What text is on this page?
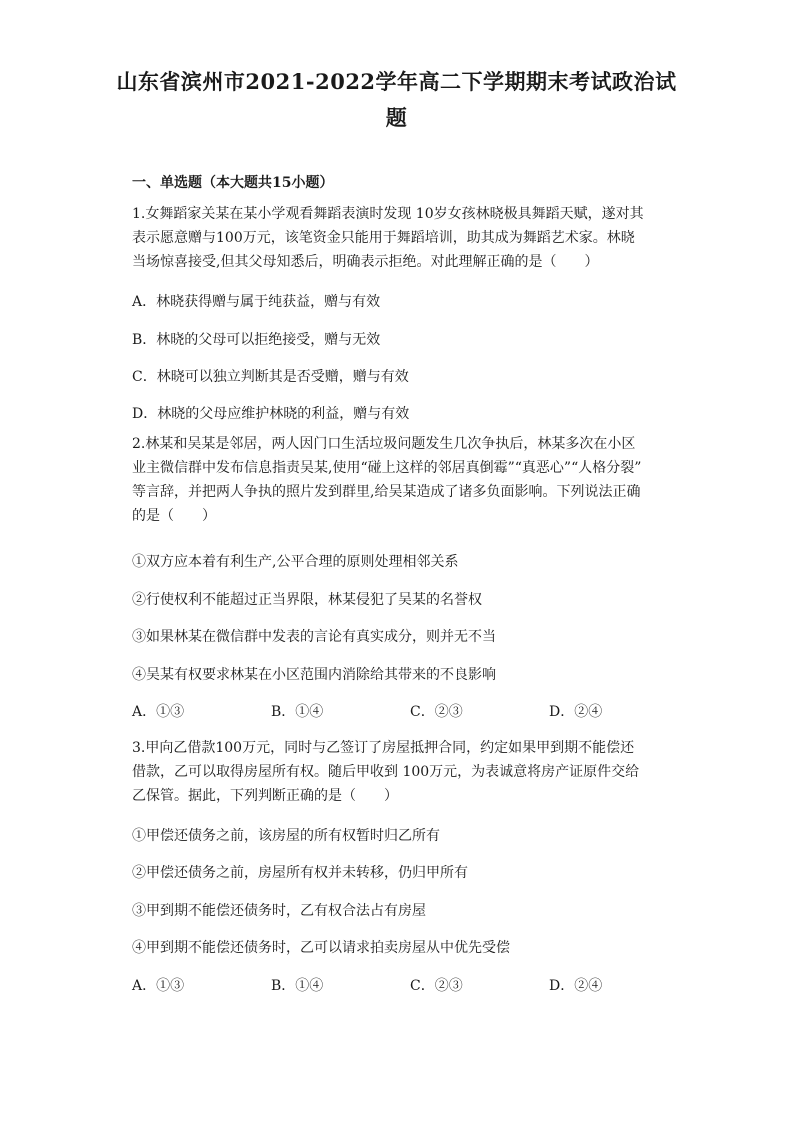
山东省滨州市2021-2022学年高二下学期期末考试政治试
题
一、单选题（本大题共15小题）
1.女舞蹈家关某在某小学观看舞蹈表演时发现 10岁女孩林晓极具舞蹈天赋，遂对其
表示愿意赠与100万元，该笔资金只能用于舞蹈培训，助其成为舞蹈艺术家。林晓
当场惊喜接受,但其父母知悉后，明确表示拒绝。对此理解正确的是（　　）
A．林晓获得赠与属于纯获益，赠与有效
B．林晓的父母可以拒绝接受，赠与无效
C．林晓可以独立判断其是否受赠，赠与有效
D．林晓的父母应维护林晓的利益，赠与有效
2.林某和吴某是邻居，两人因门口生活垃圾问题发生几次争执后，林某多次在小区
业主微信群中发布信息指责吴某,使用“碰上这样的邻居真倒霉”“真恶心”“人格分裂”
等言辞，并把两人争执的照片发到群里,给吴某造成了诸多负面影响。下列说法正确
的是（　　）
①双方应本着有利生产,公平合理的原则处理相邻关系
②行使权利不能超过正当界限，林某侵犯了吴某的名誉权
③如果林某在微信群中发表的言论有真实成分，则并无不当
④吴某有权要求林某在小区范围内消除给其带来的不良影响
A．①③	B．①④	C．②③	D．②④
3.甲向乙借款100万元，同时与乙签订了房屋抵押合同，约定如果甲到期不能偿还
借款，乙可以取得房屋所有权。随后甲收到 100万元，为表诚意将房产证原件交给
乙保管。据此，下列判断正确的是（　　）
①甲偿还债务之前，该房屋的所有权暂时归乙所有
②甲偿还债务之前，房屋所有权并未转移，仍归甲所有
③甲到期不能偿还债务时，乙有权合法占有房屋
④甲到期不能偿还债务时，乙可以请求拍卖房屋从中优先受偿
A．①③	B．①④	C．②③	D．②④
